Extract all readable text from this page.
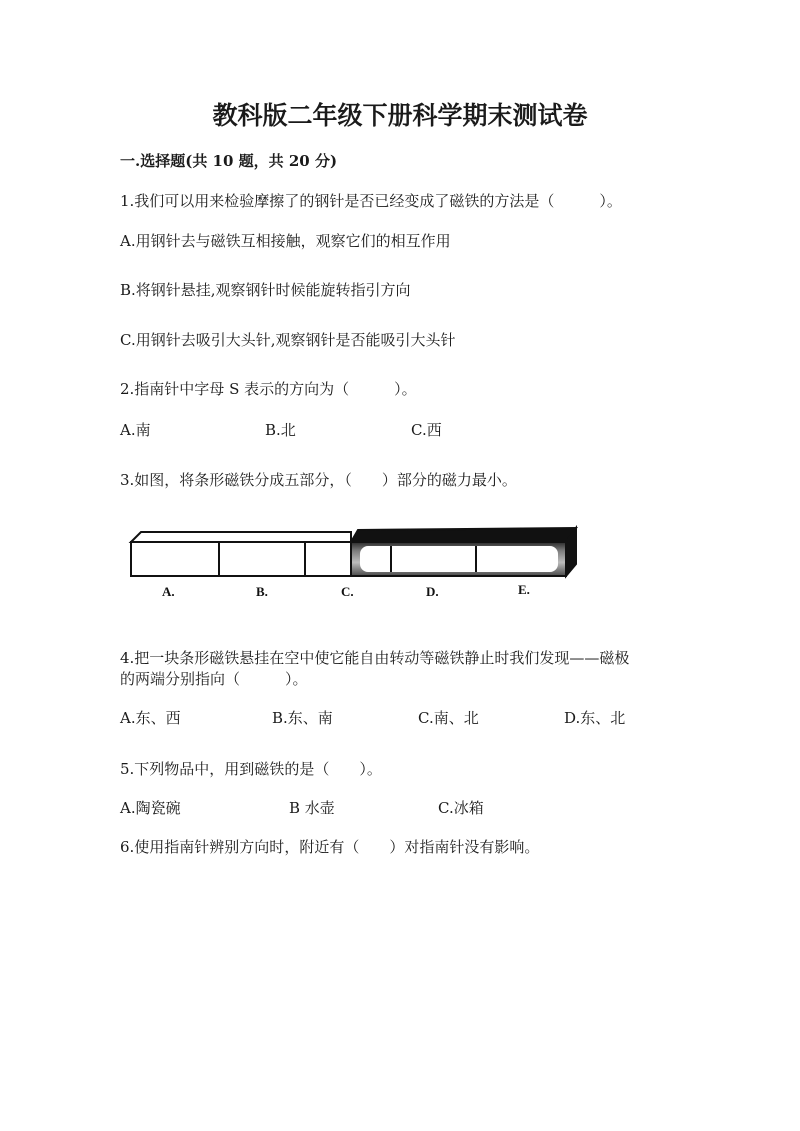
教科版二年级下册科学期末测试卷
一.选择题(共 10 题，共 20 分)
1.我们可以用来检验摩擦了的钢针是否已经变成了磁铁的方法是（　　　）。
A.用钢针去与磁铁互相接触，观察它们的相互作用
B.将钢针悬挂,观察钢针时候能旋转指引方向
C.用钢针去吸引大头针,观察钢针是否能吸引大头针
2.指南针中字母 S 表示的方向为（　　　）。
A.南	B.北	C.西
3.如图，将条形磁铁分成五部分，（　　）部分的磁力最小。
A.	B.	C.	D.	E.
4.把一块条形磁铁悬挂在空中使它能自由转动等磁铁静止时我们发现——磁极
的两端分别指向（　　　）。
A.东、西	B.东、南	C.南、北	D.东、北
5.下列物品中，用到磁铁的是（　　）。
A.陶瓷碗	B 水壶	C.冰箱
6.使用指南针辨别方向时，附近有（　　）对指南针没有影响。
